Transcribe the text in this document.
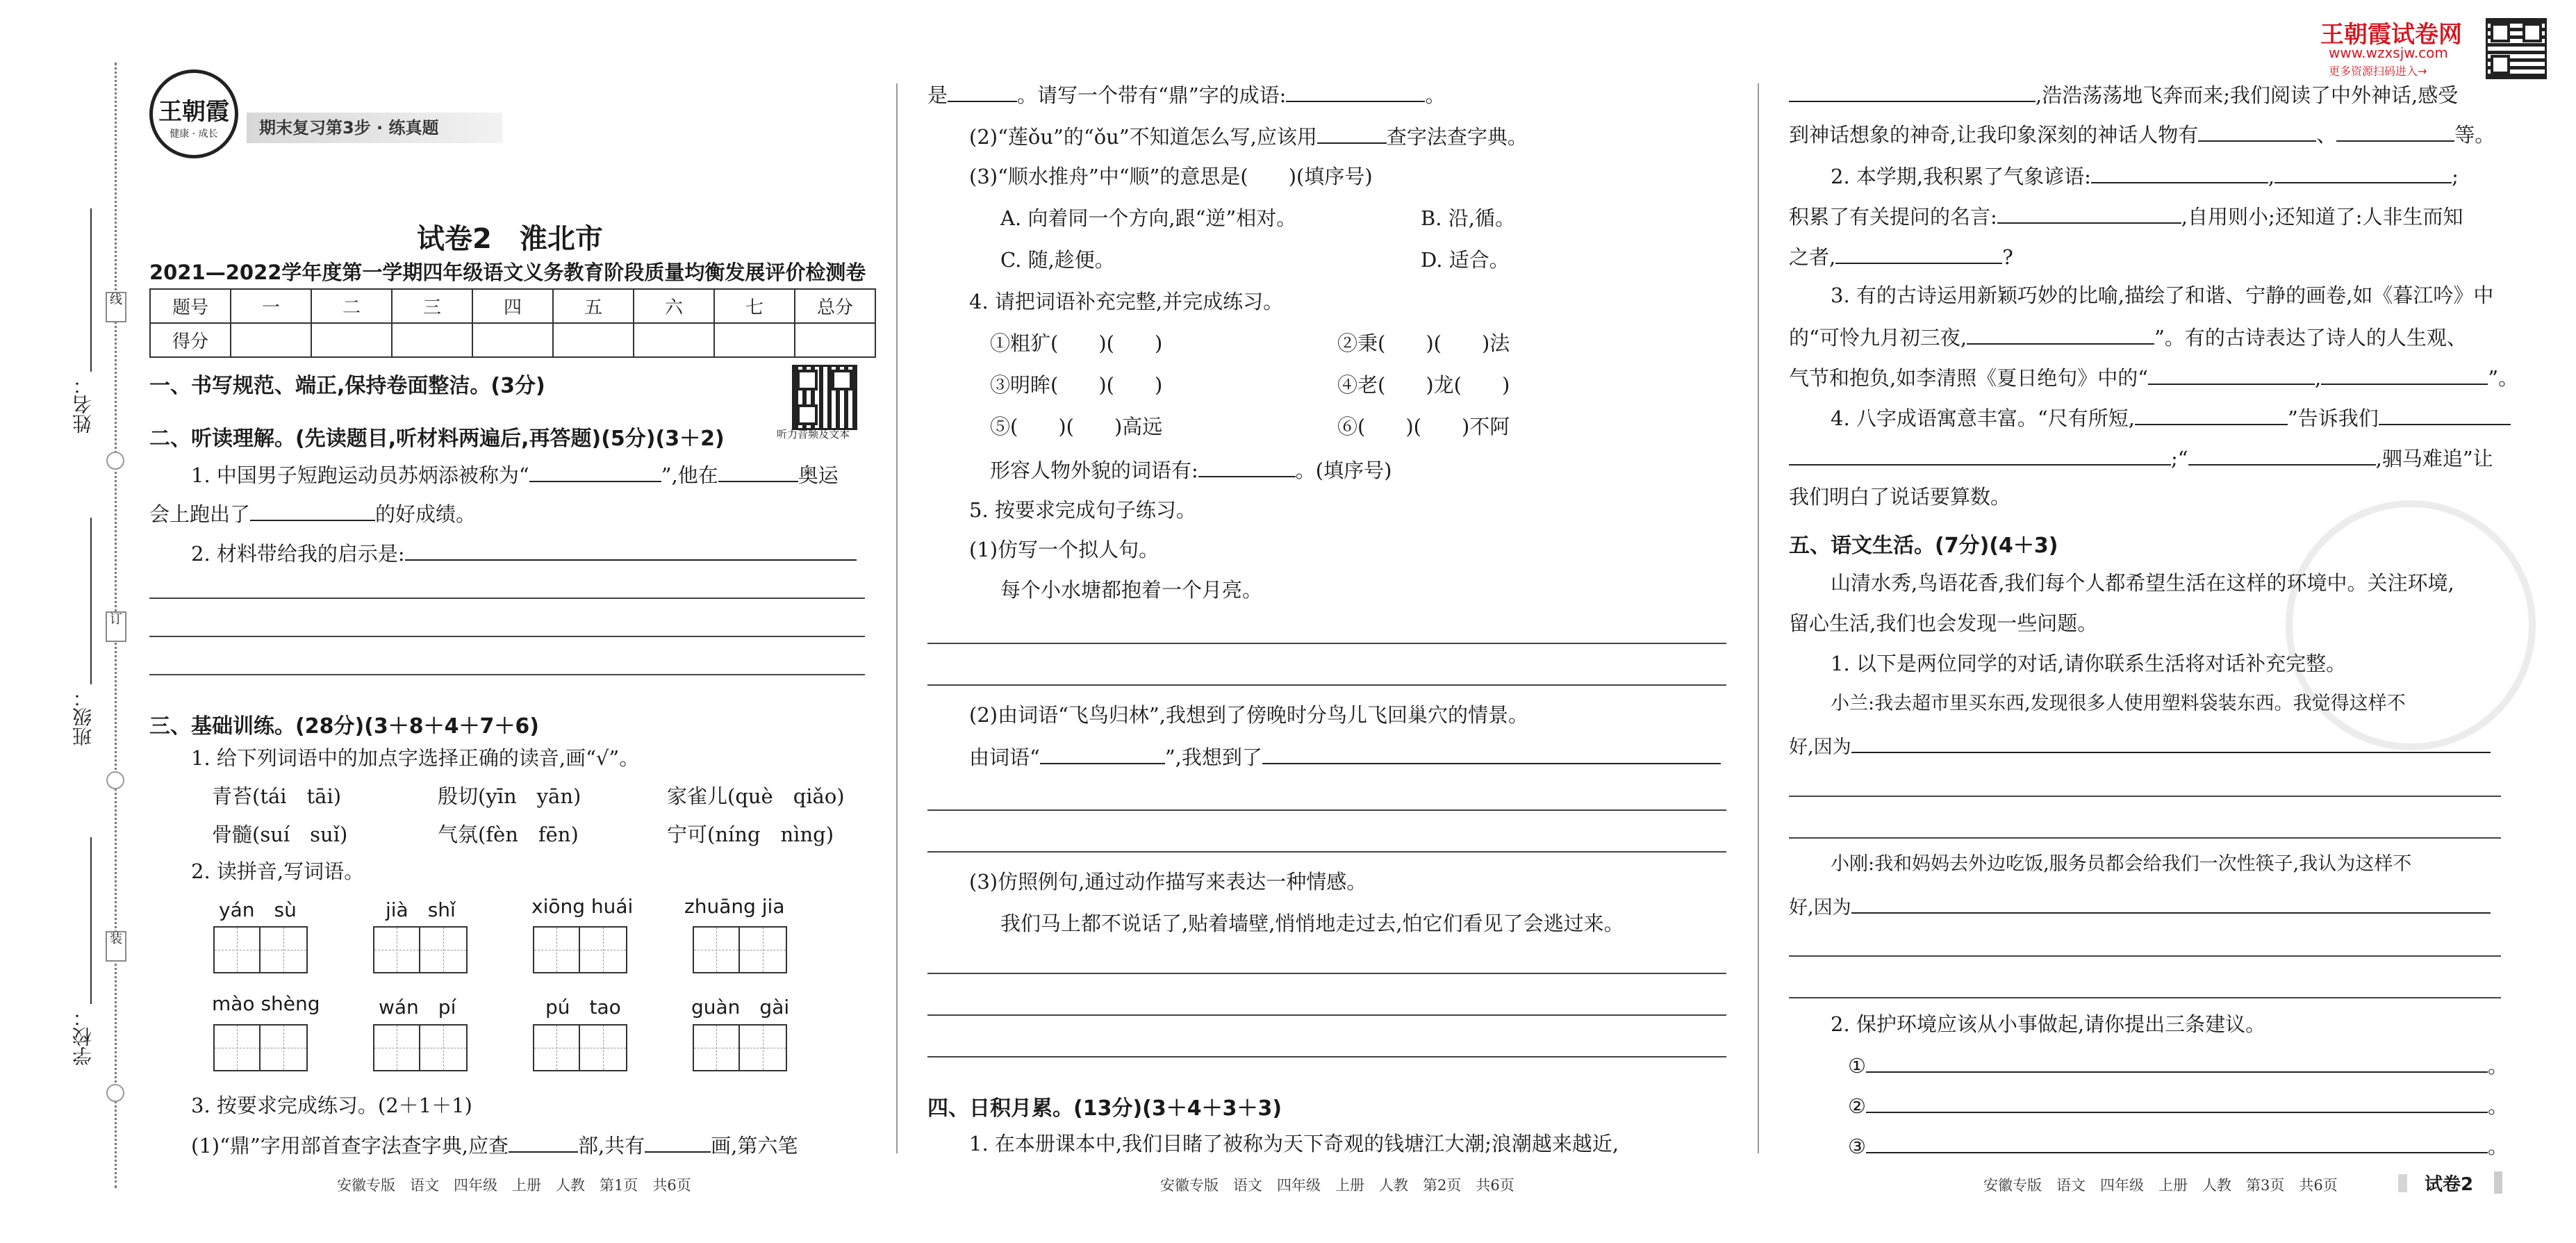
线
订
装
姓名：
班级：
学校：
王朝霞
健康 · 成长	期末复习第3步 · 练真题
试卷2　淮北市
2021—2022学年度第一学期四年级语文义务教育阶段质量均衡发展评价检测卷
题号	一	二	三	四	五	六	七	总分
得分								
听力音频及文本
一、书写规范、端正,保持卷面整洁。(3分)
二、听读理解。(先读题目,听材料两遍后,再答题)(5分)(3＋2)
1. 中国男子短跑运动员苏炳添被称为“	”,他在	奥运
会上跑出了	的好成绩。
2. 材料带给我的启示是:
三、基础训练。(28分)(3＋8＋4＋7＋6)
1. 给下列词语中的加点字选择正确的读音,画“√”。
青苔(tái　tāi)	殷切(yīn　yān)	家雀儿(què　qiǎo)
骨髓(suí　suǐ)	气氛(fèn　fēn)	宁可(níng　nìng)
2. 读拼音,写词语。
yán　sù	jià　shǐ	xiōng huái	zhuāng jia
mào shèng	wán　pí	pú　tao	guàn　gài
3. 按要求完成练习。(2＋1＋1)
(1)“鼎”字用部首查字法查字典,应查	部,共有	画,第六笔
安徽专版　语文　四年级　上册　人教　第1页　共6页
是	。请写一个带有“鼎”字的成语:	。
(2)“莲ǒu”的“ǒu”不知道怎么写,应该用	查字法查字典。
(3)“顺水推舟”中“顺”的意思是(　　)(填序号)
A. 向着同一个方向,跟“逆”相对。	B. 沿,循。
C. 随,趁便。	D. 适合。
4. 请把词语补充完整,并完成练习。
①粗犷(　　)(　　)	②秉(　　)(　　)法
③明眸(　　)(　　)	④老(　　)龙(　　)
⑤(　　)(　　)高远	⑥(　　)(　　)不阿
形容人物外貌的词语有:	。(填序号)
5. 按要求完成句子练习。
(1)仿写一个拟人句。
每个小水塘都抱着一个月亮。
(2)由词语“飞鸟归林”,我想到了傍晚时分鸟儿飞回巢穴的情景。
由词语“	”,我想到了
(3)仿照例句,通过动作描写来表达一种情感。
我们马上都不说话了,贴着墙壁,悄悄地走过去,怕它们看见了会逃过来。
四、日积月累。(13分)(3＋4＋3＋3)
1. 在本册课本中,我们目睹了被称为天下奇观的钱塘江大潮;浪潮越来越近,
安徽专版　语文　四年级　上册　人教　第2页　共6页
王朝霞试卷网
www.wzxsjw.com
更多资源扫码进入→
,浩浩荡荡地飞奔而来;我们阅读了中外神话,感受
到神话想象的神奇,让我印象深刻的神话人物有	、	等。
2. 本学期,我积累了气象谚语:	,	;
积累了有关提问的名言:	,自用则小;还知道了:人非生而知
之者,	?
3. 有的古诗运用新颖巧妙的比喻,描绘了和谐、宁静的画卷,如《暮江吟》中
的“可怜九月初三夜,	”。有的古诗表达了诗人的人生观、
气节和抱负,如李清照《夏日绝句》中的“	,	”。
4. 八字成语寓意丰富。“尺有所短,	”告诉我们
;“	,驷马难追”让
我们明白了说话要算数。
五、语文生活。(7分)(4＋3)
山清水秀,鸟语花香,我们每个人都希望生活在这样的环境中。关注环境,
留心生活,我们也会发现一些问题。
1. 以下是两位同学的对话,请你联系生活将对话补充完整。
小兰:我去超市里买东西,发现很多人使用塑料袋装东西。我觉得这样不
好,因为
小刚:我和妈妈去外边吃饭,服务员都会给我们一次性筷子,我认为这样不
好,因为
2. 保护环境应该从小事做起,请你提出三条建议。
①	。
②	。
③	。
安徽专版　语文　四年级　上册　人教　第3页　共6页	试卷2
